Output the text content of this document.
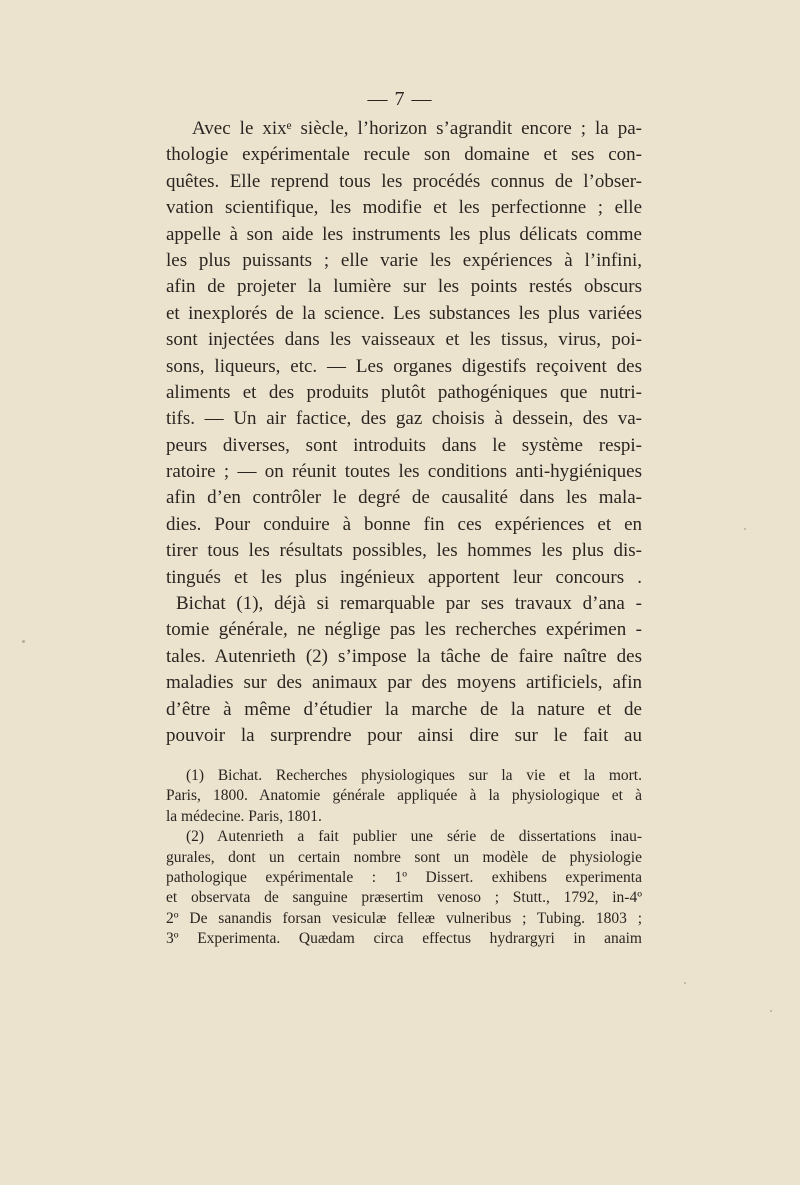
— 7 —
Avec le xixᵉ siècle, l’horizon s’agrandit encore ; la pa-
thologie expérimentale recule son domaine et ses con-
quêtes. Elle reprend tous les procédés connus de l’obser-
vation scientifique, les modifie et les perfectionne ; elle
appelle à son aide les instruments les plus délicats comme
les plus puissants ; elle varie les expériences à l’infini,
afin de projeter la lumière sur les points restés obscurs
et inexplorés de la science. Les substances les plus variées
sont injectées dans les vaisseaux et les tissus, virus, poi-
sons, liqueurs, etc. — Les organes digestifs reçoivent des
aliments et des produits plutôt pathogéniques que nutri-
tifs. — Un air factice, des gaz choisis à dessein, des va-
peurs diverses, sont introduits dans le système respi-
ratoire ; — on réunit toutes les conditions anti-hygiéniques
afin d’en contrôler le degré de causalité dans les mala-
dies. Pour conduire à bonne fin ces expériences et en
tirer tous les résultats possibles, les hommes les plus dis-
tingués et les plus ingénieux apportent leur concours .
Bichat (1), déjà si remarquable par ses travaux d’ana -
tomie générale, ne néglige pas les recherches expérimen -
tales. Autenrieth (2) s’impose la tâche de faire naître des
maladies sur des animaux par des moyens artificiels, afin
d’être à même d’étudier la marche de la nature et de
pouvoir la surprendre pour ainsi dire sur le fait au
(1) Bichat. Recherches physiologiques sur la vie et la mort.
Paris, 1800. Anatomie générale appliquée à la physiologique et à
la médecine. Paris, 1801.
(2) Autenrieth a fait publier une série de dissertations inau-
gurales, dont un certain nombre sont un modèle de physiologie
pathologique expérimentale : 1º Dissert. exhibens experimenta
et observata de sanguine præsertim venoso ; Stutt., 1792, in-4º
2º De sanandis forsan vesiculæ felleæ vulneribus ; Tubing. 1803 ;
3º Experimenta. Quædam circa effectus hydrargyri in anaim
